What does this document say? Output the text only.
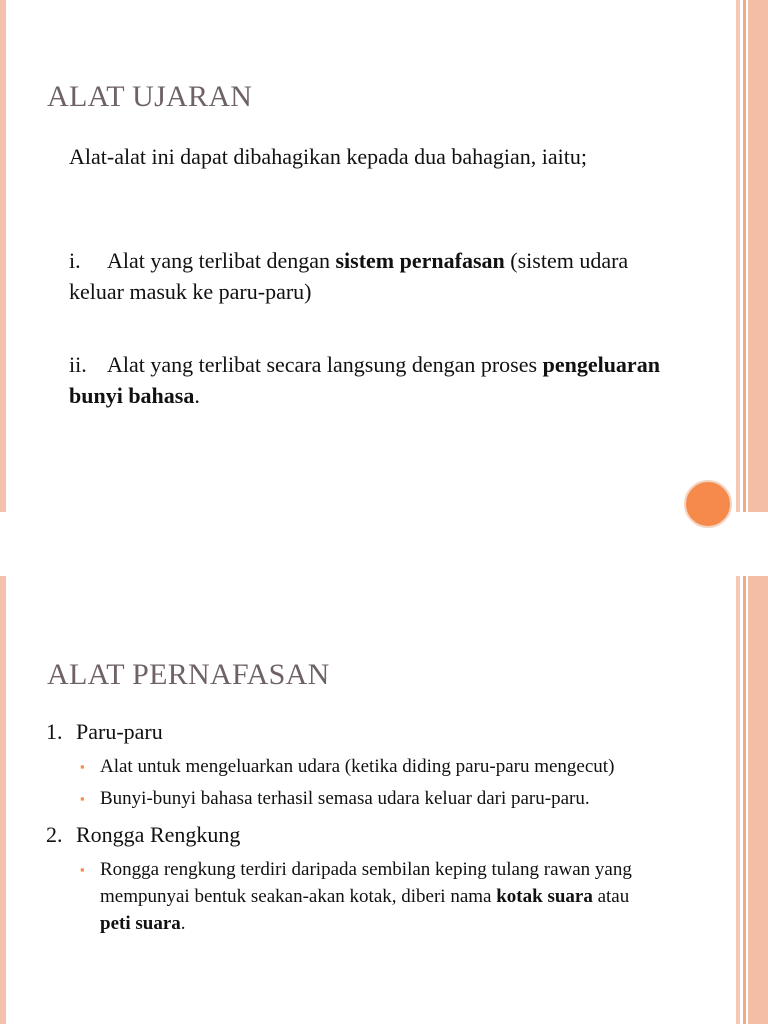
ALAT UJARAN

Alat-alat ini dapat dibahagikan kepada dua bahagian, iaitu;

i. Alat yang terlibat dengan sistem pernafasan (sistem udara keluar masuk ke paru-paru)

ii. Alat yang terlibat secara langsung dengan proses pengeluaran bunyi bahasa.

ALAT PERNAFASAN
1. Paru-paru
▪ Alat untuk mengeluarkan udara (ketika diding paru-paru mengecut)
▪ Bunyi-bunyi bahasa terhasil semasa udara keluar dari paru-paru.
2. Rongga Rengkung
▪ Rongga rengkung terdiri daripada sembilan keping tulang rawan yang mempunyai bentuk seakan-akan kotak, diberi nama kotak suara atau peti suara.
